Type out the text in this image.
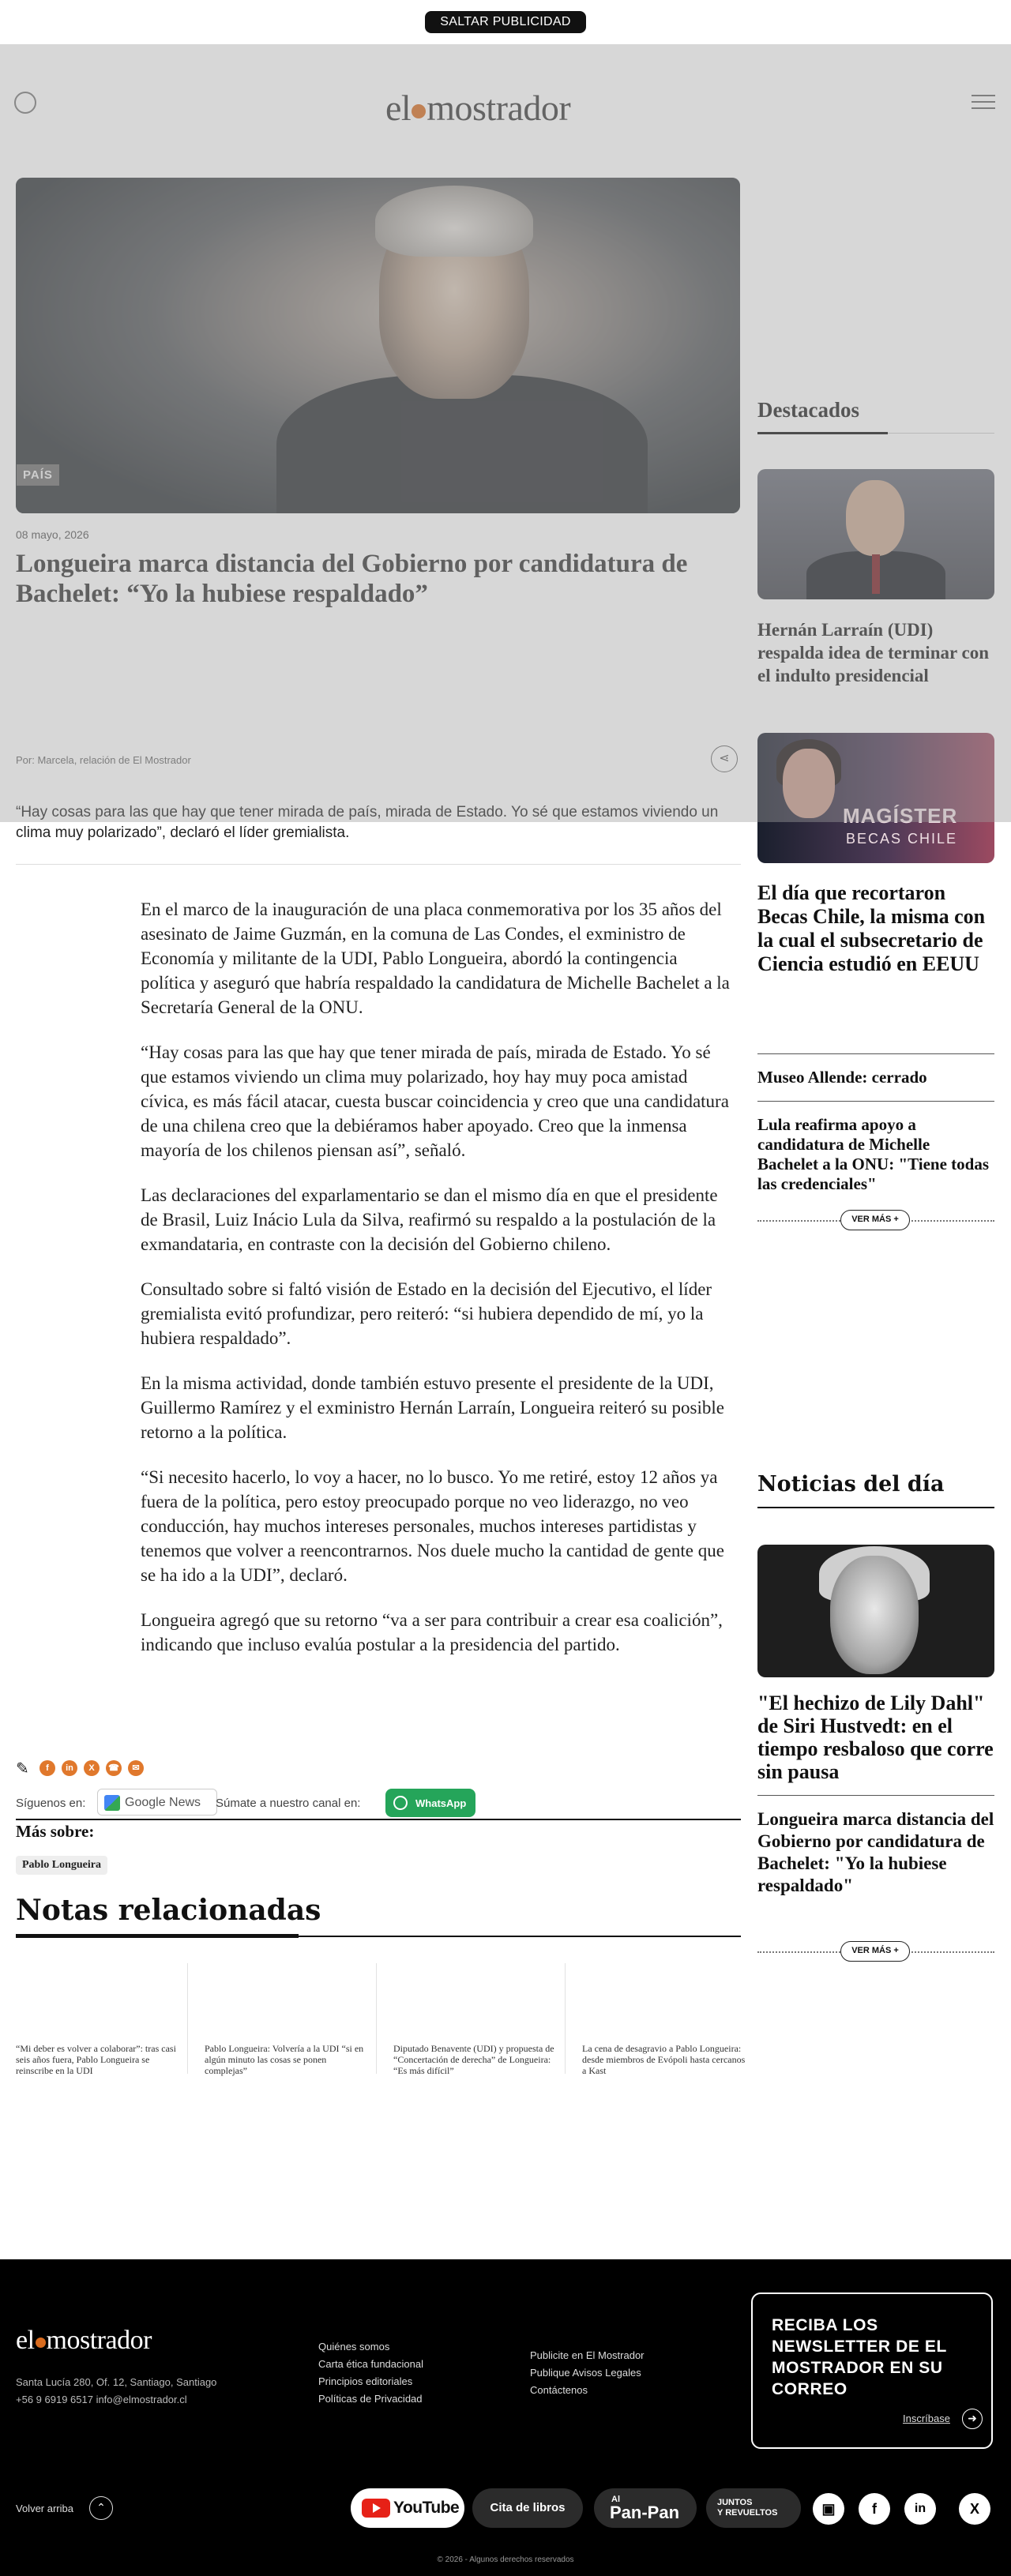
SALTAR PUBLICIDAD
el mostrador
PAÍS
08 mayo, 2026
Longueira marca distancia del Gobierno por candidatura de Bachelet: “Yo la hubiese respaldado”
Por: Marcela, relación de El Mostrador	⋖

“Hay cosas para las que hay que tener mirada de país, mirada de Estado. Yo sé que estamos viviendo un clima muy polarizado”, declaró el líder gremialista.

En el marco de la inauguración de una placa conmemorativa por los 35 años del asesinato de Jaime Guzmán, en la comuna de Las Condes, el exministro de Economía y militante de la UDI, Pablo Longueira, abordó la contingencia política y aseguró que habría respaldado la candidatura de Michelle Bachelet a la Secretaría General de la ONU.

“Hay cosas para las que hay que tener mirada de país, mirada de Estado. Yo sé que estamos viviendo un clima muy polarizado, hoy hay muy poca amistad cívica, es más fácil atacar, cuesta buscar coincidencia y creo que una candidatura de una chilena creo que la debiéramos haber apoyado. Creo que la inmensa mayoría de los chilenos piensan así”, señaló.

Las declaraciones del exparlamentario se dan el mismo día en que el presidente de Brasil, Luiz Inácio Lula da Silva, reafirmó su respaldo a la postulación de la exmandataria, en contraste con la decisión del Gobierno chileno.

Consultado sobre si faltó visión de Estado en la decisión del Ejecutivo, el líder gremialista evitó profundizar, pero reiteró: “si hubiera dependido de mí, yo la hubiera respaldado”.

En la misma actividad, donde también estuvo presente el presidente de la UDI, Guillermo Ramírez y el exministro Hernán Larraín, Longueira reiteró su posible retorno a la política.

“Si necesito hacerlo, lo voy a hacer, no lo busco. Yo me retiré, estoy 12 años ya fuera de la política, pero estoy preocupado porque no veo liderazgo, no veo conducción, hay muchos intereses personales, muchos intereses partidistas y tenemos que volver a reencontrarnos. Nos duele mucho la cantidad de gente que se ha ido a la UDI”, declaró.

Longueira agregó que su retorno “va a ser para contribuir a crear esa coalición”, indicando que incluso evalúa postular a la presidencia del partido.

✎	f	in	X	☎	✉
Síguenos en:	Google News Súmate a nuestro canal en:	WhatsApp
Más sobre:
Pablo Longueira
Notas relacionadas

“Mi deber es volver a colaborar”: tras casi seis años fuera, Pablo Longueira se reinscribe en la UDI

Pablo Longueira: Volvería a la UDI “si en algún minuto las cosas se ponen complejas”

Diputado Benavente (UDI) y propuesta de “Concertación de derecha” de Longueira: “Es más difícil”

La cena de desagravio a Pablo Longueira: desde miembros de Evópoli hasta cercanos a Kast

Destacados
Hernán Larraín (UDI) respalda idea de terminar con el indulto presidencial
MAGÍSTER
BECAS CHILE
El día que recortaron Becas Chile, la misma con la cual el subsecretario de Ciencia estudió en EEUU
Museo Allende: cerrado
Lula reafirma apoyo a candidatura de Michelle Bachelet a la ONU: "Tiene todas las credenciales"
VER MÁS +
Noticias del día
"El hechizo de Lily Dahl" de Siri Hustvedt: en el tiempo resbaloso que corre sin pausa
Longueira marca distancia del Gobierno por candidatura de Bachelet: "Yo la hubiese respaldado"
VER MÁS +
el mostrador
Santa Lucía 280, Of. 12, Santiago, Santiago
+56 9 6919 6517 info@elmostrador.cl
Quiénes somos
Carta ética fundacional
Principios editoriales
Políticas de Privacidad
Publicite en El Mostrador
Publique Avisos Legales
Contáctenos
RECIBA LOS NEWSLETTER DE EL MOSTRADOR EN SU CORREO
Inscríbase	➜
Volver arriba	⌃	YouTube	Cita de libros
Al
Pan-Pan	JUNTOS
Y REVUELTOS	▣	f	in	X
© 2026 - Algunos derechos reservados
